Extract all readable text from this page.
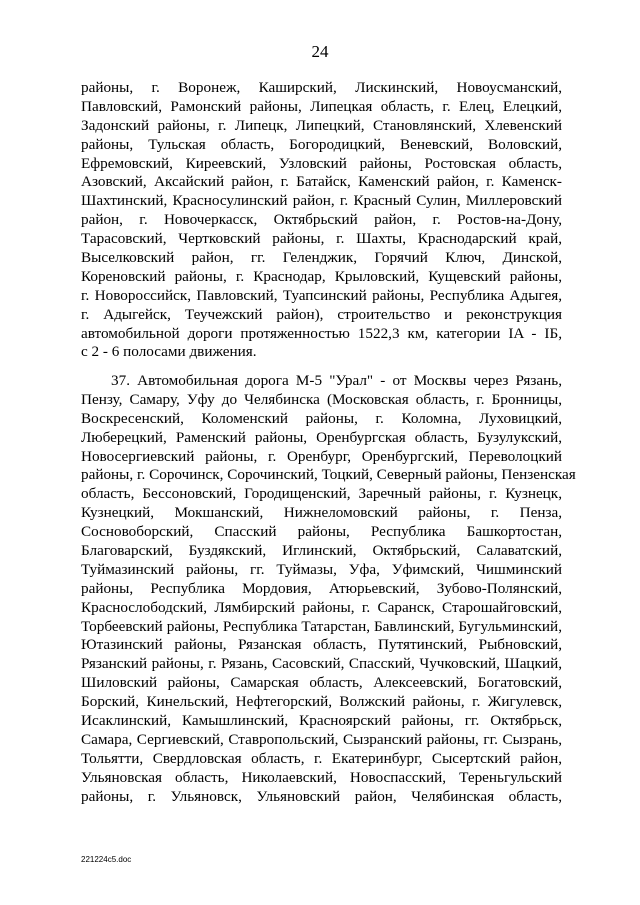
24
районы, г. Воронеж, Каширский, Лискинский, Новоусманский,
Павловский, Рамонский районы, Липецкая область, г. Елец, Елецкий,
Задонский районы, г. Липецк, Липецкий, Становлянский, Хлевенский
районы, Тульская область, Богородицкий, Веневский, Воловский,
Ефремовский, Киреевский, Узловский районы, Ростовская область,
Азовский, Аксайский район, г. Батайск, Каменский район, г. Каменск-
Шахтинский, Красносулинский район, г. Красный Сулин, Миллеровский
район, г. Новочеркасск, Октябрьский район, г. Ростов-на-Дону,
Тарасовский, Чертковский районы, г. Шахты, Краснодарский край,
Выселковский район, гг. Геленджик, Горячий Ключ, Динской,
Кореновский районы, г. Краснодар, Крыловский, Кущевский районы,
г. Новороссийск, Павловский, Туапсинский районы, Республика Адыгея,
г. Адыгейск, Теучежский район), строительство и реконструкция
автомобильной дороги протяженностью 1522,3 км, категории IA - IБ,
с 2 - 6 полосами движения.
37. Автомобильная дорога М-5 "Урал" - от Москвы через Рязань,
Пензу, Самару, Уфу до Челябинска (Московская область, г. Бронницы,
Воскресенский, Коломенский районы, г. Коломна, Луховицкий,
Люберецкий, Раменский районы, Оренбургская область, Бузулукский,
Новосергиевский районы, г. Оренбург, Оренбургский, Переволоцкий
районы, г. Сорочинск, Сорочинский, Тоцкий, Северный районы, Пензенская
область, Бессоновский, Городищенский, Заречный районы, г. Кузнецк,
Кузнецкий, Мокшанский, Нижнеломовский районы, г. Пенза,
Сосновоборский, Спасский районы, Республика Башкортостан,
Благоварский, Буздякский, Иглинский, Октябрьский, Салаватский,
Туймазинский районы, гг. Туймазы, Уфа, Уфимский, Чишминский
районы, Республика Мордовия, Атюрьевский, Зубово-Полянский,
Краснослободский, Лямбирский районы, г. Саранск, Старошайговский,
Торбеевский районы, Республика Татарстан, Бавлинский, Бугульминский,
Ютазинский районы, Рязанская область, Путятинский, Рыбновский,
Рязанский районы, г. Рязань, Сасовский, Спасский, Чучковский, Шацкий,
Шиловский районы, Самарская область, Алексеевский, Богатовский,
Борский, Кинельский, Нефтегорский, Волжский районы, г. Жигулевск,
Исаклинский, Камышлинский, Красноярский районы, гг. Октябрьск,
Самара, Сергиевский, Ставропольский, Сызранский районы, гг. Сызрань,
Тольятти, Свердловская область, г. Екатеринбург, Сысертский район,
Ульяновская область, Николаевский, Новоспасский, Тереньгульский
районы, г. Ульяновск, Ульяновский район, Челябинская область,
221224c5.doc
